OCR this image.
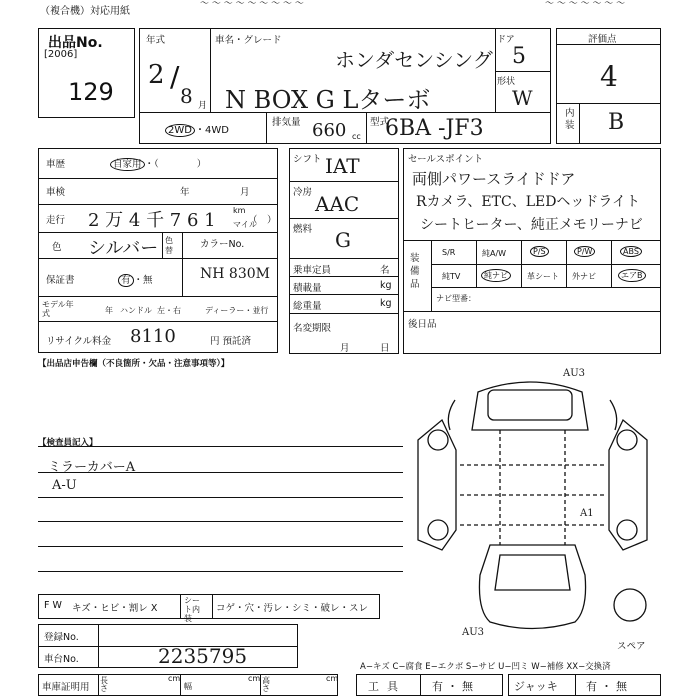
（複合機）対応用紙
〜 〜 〜 〜 〜 〜 〜 〜 〜	〜 〜 〜 〜 〜 〜 〜
出品No.
[2006]
129
年式
2 /
8 月
車名・グレード
ホンダセンシング
N BOX G Lターボ
ドア
5
形状
W
2WD ・4WD
排気量 660 cc
型式
6BA -JF3
評価点
4
内装 B
車歴	自家用 ・（　　　　）
車検	年	月
走行 2 万 4 千 7 6 1 km
マイル
（　）
色 シルバー 色替
カラーNo.
保証書	有 ・無	NH 830M
モデル年式	年 ハンドル 左・右	ディーラー・並行
リサイクル料金 8110	円 預託済
シフト IAT
冷房 AAC
燃料 G
乗車定員	名
積載量	kg
総重量	kg
名変期限
月	日
セールスポイント
両側パワースライドドア
Rカメラ、ETC、LEDヘッドライト
シートヒーター、純正メモリーナビ
装備品
S/R	純A/W	P/S	P/W	ABS
純TV	純ナビ	革シート 外ナビ	エアB
ナビ型番：
後日品
【出品店申告欄（不良箇所・欠品・注意事項等）】
【検査員記入】
ミラーカバーA
A-U
AU3
A1
AU3
スペア
F W キズ・ヒビ・割レ X
シート内装
コゲ・穴・汚レ・シミ・破レ・スレ
登録No.
車台No.	2235795	A−キズ C−腐食 E−エクボ S−サビ U−凹ミ W−補修 XX−交換済
車庫証明用
長さ
cm
幅
cm 高さ
cm
工具 有・無	ジャッキ	有・無
